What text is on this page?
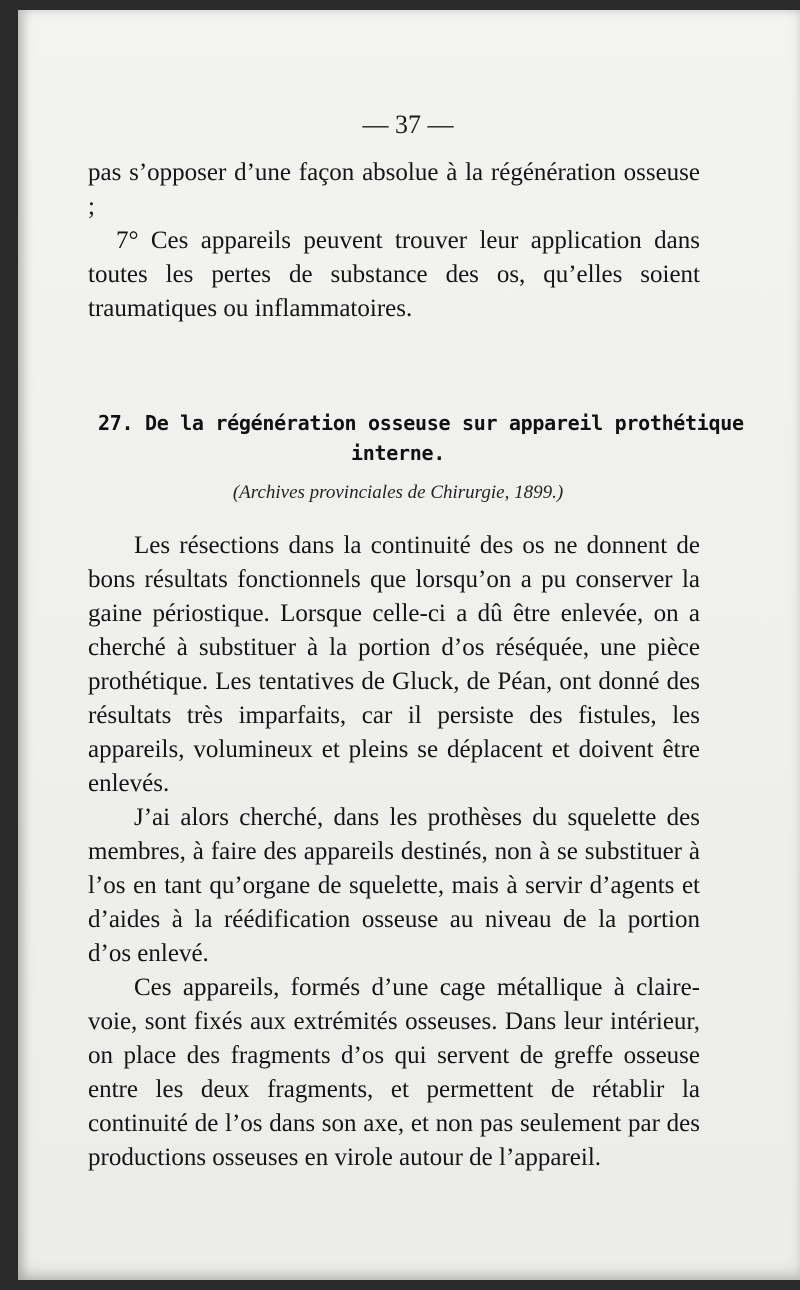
— 37 —

pas s’opposer d’une façon absolue à la régénération osseuse ;

7° Ces appareils peuvent trouver leur application dans toutes les pertes de substance des os, qu’elles soient traumatiques ou inflammatoires.

27. De la régénération osseuse sur appareil prothétique
interne.
(Archives provinciales de Chirurgie, 1899.)

Les résections dans la continuité des os ne donnent de bons résultats fonctionnels que lorsqu’on a pu conserver la gaine périostique. Lorsque celle-ci a dû être enlevée, on a cherché à substituer à la portion d’os réséquée, une pièce prothétique. Les tentatives de Gluck, de Péan, ont donné des résultats très imparfaits, car il persiste des fistules, les appareils, volumineux et pleins se déplacent et doivent être enlevés.

J’ai alors cherché, dans les prothèses du squelette des membres, à faire des appareils destinés, non à se substituer à l’os en tant qu’organe de squelette, mais à servir d’agents et d’aides à la réédification osseuse au niveau de la portion d’os enlevé.

Ces appareils, formés d’une cage métallique à claire-voie, sont fixés aux extrémités osseuses. Dans leur intérieur, on place des fragments d’os qui servent de greffe osseuse entre les deux fragments, et permettent de rétablir la continuité de l’os dans son axe, et non pas seulement par des productions osseuses en virole autour de l’appareil.
